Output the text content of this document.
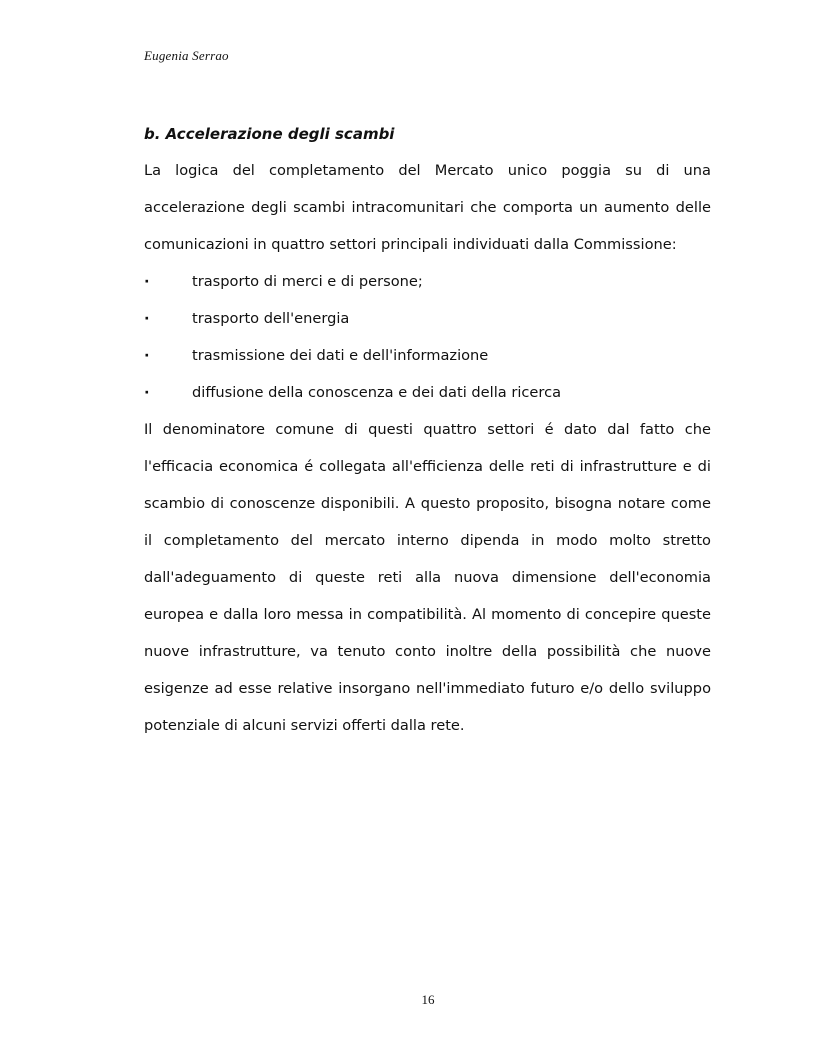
Eugenia Serrao
b. Accelerazione degli scambi

La logica del completamento del Mercato unico poggia su di una accelerazione degli scambi intracomunitari che comporta un aumento delle comunicazioni in quattro settori principali individuati dalla Commissione:

·	trasporto di merci e di persone;
·	trasporto dell'energia
·	trasmissione dei dati e dell'informazione
·	diffusione della conoscenza e dei dati della ricerca

Il denominatore comune di questi quattro settori é dato dal fatto che l'efficacia economica é collegata all'efficienza delle reti di infrastrutture e di scambio di conoscenze disponibili. A questo proposito, bisogna notare come il completamento del mercato interno dipenda in modo molto stretto dall'adeguamento di queste reti alla nuova dimensione dell'economia europea e dalla loro messa in compatibilità. Al momento di concepire queste nuove infrastrutture, va tenuto conto inoltre della possibilità che nuove esigenze ad esse relative insorgano nell'immediato futuro e/o dello sviluppo potenziale di alcuni servizi offerti dalla rete.

16
